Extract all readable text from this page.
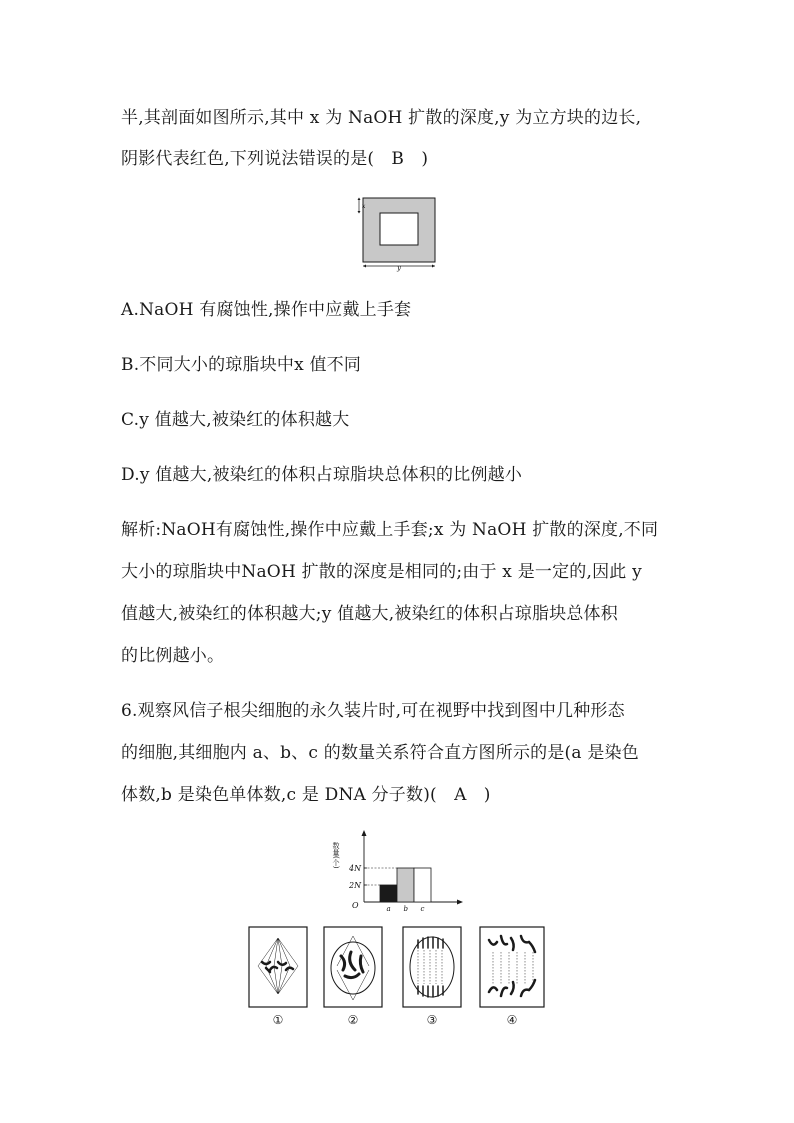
半,其剖面如图所示,其中 x 为 NaOH 扩散的深度,y 为立方块的边长,
阴影代表红色,下列说法错误的是(　B　)
x
y
A.NaOH 有腐蚀性,操作中应戴上手套
B.不同大小的琼脂块中x 值不同
C.y 值越大,被染红的体积越大
D.y 值越大,被染红的体积占琼脂块总体积的比例越小
解析:NaOH有腐蚀性,操作中应戴上手套;x 为 NaOH 扩散的深度,不同
大小的琼脂块中NaOH 扩散的深度是相同的;由于 x 是一定的,因此 y
值越大,被染红的体积越大;y 值越大,被染红的体积占琼脂块总体积
的比例越小。
6.观察风信子根尖细胞的永久装片时,可在视野中找到图中几种形态
的细胞,其细胞内 a、b、c 的数量关系符合直方图所示的是(a 是染色
体数,b 是染色单体数,c 是 DNA 分子数)(　A　)
数量(个)
O
2N
4N
a b c
①	②	③	④
